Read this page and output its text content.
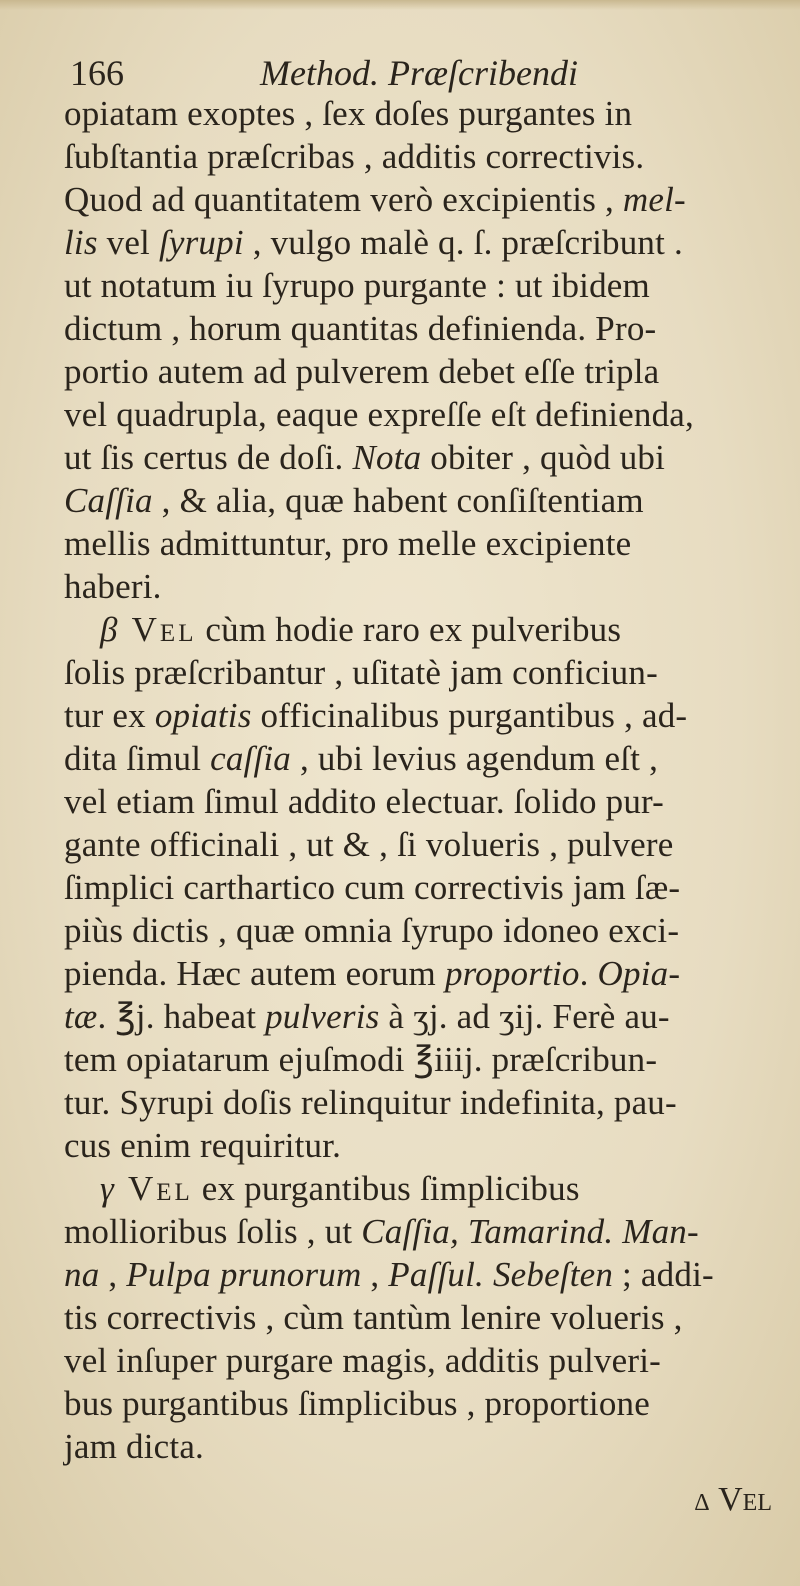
166	Method. Præſcribendi
opiatam exoptes , ſex doſes purgantes in
ſubſtantia præſcribas , additis correctivis.
Quod ad quantitatem verò excipientis , mel-
lis vel ſyrupi , vulgo malè q. ſ. præſcribunt .
ut notatum iu ſyrupo purgante : ut ibidem
dictum , horum quantitas definienda. Pro-
portio autem ad pulverem debet eſſe tripla
vel quadrupla, eaque expreſſe eſt definienda,
ut ſis certus de doſi. Nota obiter , quòd ubi
Caſſia , & alia, quæ habent conſiſtentiam
mellis admittuntur, pro melle excipiente
haberi.
β Vel cùm hodie raro ex pulveribus
ſolis præſcribantur , uſitatè jam conficiun-
tur ex opiatis officinalibus purgantibus , ad-
dita ſimul caſſia , ubi levius agendum eſt ,
vel etiam ſimul addito electuar. ſolido pur-
gante officinali , ut & , ſi volueris , pulvere
ſimplici carthartico cum correctivis jam ſæ-
piùs dictis , quæ omnia ſyrupo idoneo exci-
pienda. Hæc autem eorum proportio. Opia-
tæ. ℥j. habeat pulveris à ʒj. ad ʒij. Ferè au-
tem opiatarum ejuſmodi ℥iiij. præſcribun-
tur. Syrupi doſis relinquitur indefinita, pau-
cus enim requiritur.
γ Vel ex purgantibus ſimplicibus
mollioribus ſolis , ut Caſſia, Tamarind. Man-
na , Pulpa prunorum , Paſſul. Sebeſten ; addi-
tis correctivis , cùm tantùm lenire volueris ,
vel inſuper purgare magis, additis pulveri-
bus purgantibus ſimplicibus , proportione
jam dicta.
δ Vel
